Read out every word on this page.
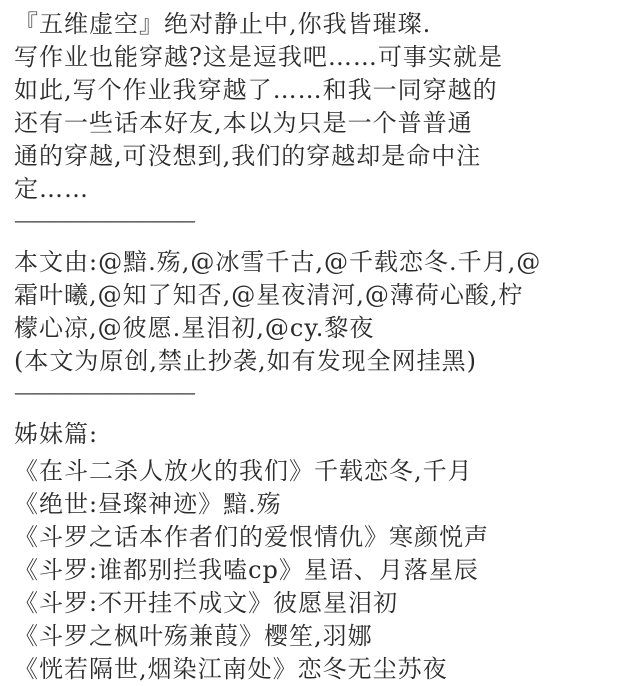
『五维虚空』绝对静止中,你我皆璀璨.
写作业也能穿越?这是逗我吧……可事实就是
如此,写个作业我穿越了……和我一同穿越的
还有一些话本好友,本以为只是一个普普通
通的穿越,可没想到,我们的穿越却是命中注
定……
——————————
本文由:@黯.殇,@冰雪千古,@千载恋冬.千月,@
霜叶曦,@知了知否,@星夜清河,@薄荷心酸,柠
檬心凉,@彼愿.星泪初,@cy.黎夜
(本文为原创,禁止抄袭,如有发现全网挂黑)
——————————
姊妹篇:
《在斗二杀人放火的我们》千载恋冬,千月
《绝世:昼璨神迹》黯.殇
《斗罗之话本作者们的爱恨情仇》寒颜悦声
《斗罗:谁都别拦我嗑cp》星语、月落星辰
《斗罗:不开挂不成文》彼愿星泪初
《斗罗之枫叶殇兼葭》樱笙,羽娜
《恍若隔世,烟染江南处》恋冬无尘苏夜
